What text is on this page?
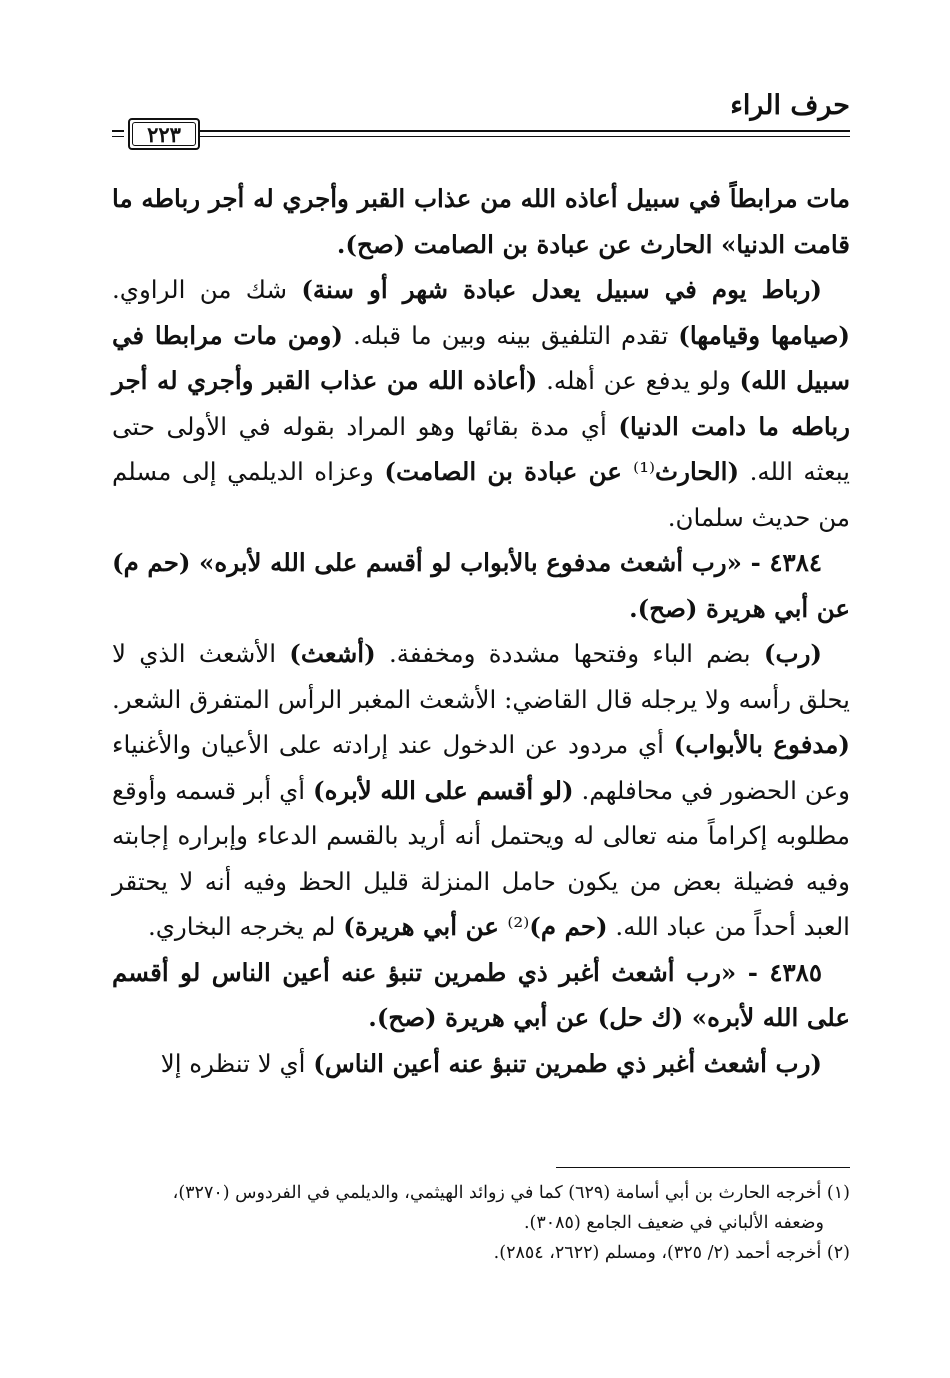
حرف الراء
٢٢٣

مات مرابطاً في سبيل أعاذه الله من عذاب القبر وأجري له أجر رباطه ما قامت الدنيا» الحارث عن عبادة بن الصامت (صح).

(رباط يوم في سبيل يعدل عبادة شهر أو سنة) شك من الراوي. (صيامها وقيامها) تقدم التلفيق بينه وبين ما قبله. (ومن مات مرابطا في سبيل الله) ولو يدفع عن أهله. (أعاذه الله من عذاب القبر وأجري له أجر رباطه ما دامت الدنيا) أي مدة بقائها وهو المراد بقوله في الأولى حتى يبعثه الله. (الحارث⁽¹⁾ عن عبادة بن الصامت) وعزاه الديلمي إلى مسلم من حديث سلمان.

٤٣٨٤ - «رب أشعث مدفوع بالأبواب لو أقسم على الله لأبره» (حم م) عن أبي هريرة (صح).

(رب) بضم الباء وفتحها مشددة ومخففة. (أشعث) الأشعث الذي لا يحلق رأسه ولا يرجله قال القاضي: الأشعث المغبر الرأس المتفرق الشعر. (مدفوع بالأبواب) أي مردود عن الدخول عند إرادته على الأعيان والأغنياء وعن الحضور في محافلهم. (لو أقسم على الله لأبره) أي أبر قسمه وأوقع مطلوبه إكراماً منه تعالى له ويحتمل أنه أريد بالقسم الدعاء وإبراره إجابته وفيه فضيلة بعض من يكون حامل المنزلة قليل الحظ وفيه أنه لا يحتقر العبد أحداً من عباد الله. (حم م)⁽²⁾ عن أبي هريرة) لم يخرجه البخاري.

٤٣٨٥ - «رب أشعث أغبر ذي طمرين تنبؤ عنه أعين الناس لو أقسم على الله لأبره» (ك حل) عن أبي هريرة (صح).

(رب أشعث أغبر ذي طمرين تنبؤ عنه أعين الناس) أي لا تنظره إلا

(١) أخرجه الحارث بن أبي أسامة (٦٢٩) كما في زوائد الهيثمي، والديلمي في الفردوس (٣٢٧٠)،

وضعفه الألباني في ضعيف الجامع (٣٠٨٥).

(٢) أخرجه أحمد (٢/ ٣٢٥)، ومسلم (٢٦٢٢، ٢٨٥٤).
